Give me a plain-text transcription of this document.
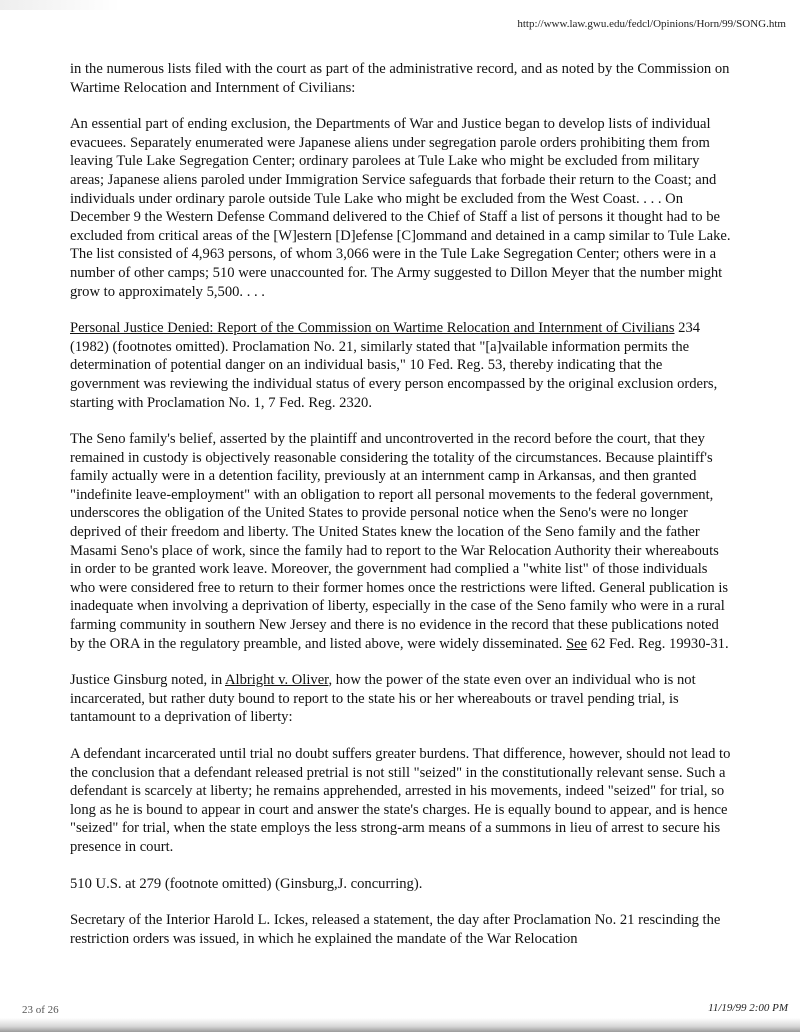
http://www.law.gwu.edu/fedcl/Opinions/Horn/99/SONG.htm

in the numerous lists filed with the court as part of the administrative record, and as noted by the Commission on Wartime Relocation and Internment of Civilians:

An essential part of ending exclusion, the Departments of War and Justice began to develop lists of individual evacuees. Separately enumerated were Japanese aliens under segregation parole orders prohibiting them from leaving Tule Lake Segregation Center; ordinary parolees at Tule Lake who might be excluded from military areas; Japanese aliens paroled under Immigration Service safeguards that forbade their return to the Coast; and individuals under ordinary parole outside Tule Lake who might be excluded from the West Coast. . . . On December 9 the Western Defense Command delivered to the Chief of Staff a list of persons it thought had to be excluded from critical areas of the [W]estern [D]efense [C]ommand and detained in a camp similar to Tule Lake. The list consisted of 4,963 persons, of whom 3,066 were in the Tule Lake Segregation Center; others were in a number of other camps; 510 were unaccounted for. The Army suggested to Dillon Meyer that the number might grow to approximately 5,500. . . .

Personal Justice Denied: Report of the Commission on Wartime Relocation and Internment of Civilians 234 (1982) (footnotes omitted). Proclamation No. 21, similarly stated that "[a]vailable information permits the determination of potential danger on an individual basis," 10 Fed. Reg. 53, thereby indicating that the government was reviewing the individual status of every person encompassed by the original exclusion orders, starting with Proclamation No. 1, 7 Fed. Reg. 2320.

The Seno family's belief, asserted by the plaintiff and uncontroverted in the record before the court, that they remained in custody is objectively reasonable considering the totality of the circumstances. Because plaintiff's family actually were in a detention facility, previously at an internment camp in Arkansas, and then granted "indefinite leave-employment" with an obligation to report all personal movements to the federal government, underscores the obligation of the United States to provide personal notice when the Seno's were no longer deprived of their freedom and liberty. The United States knew the location of the Seno family and the father Masami Seno's place of work, since the family had to report to the War Relocation Authority their whereabouts in order to be granted work leave. Moreover, the government had complied a "white list" of those individuals who were considered free to return to their former homes once the restrictions were lifted. General publication is inadequate when involving a deprivation of liberty, especially in the case of the Seno family who were in a rural farming community in southern New Jersey and there is no evidence in the record that these publications noted by the ORA in the regulatory preamble, and listed above, were widely disseminated. See 62 Fed. Reg. 19930-31.

Justice Ginsburg noted, in Albright v. Oliver, how the power of the state even over an individual who is not incarcerated, but rather duty bound to report to the state his or her whereabouts or travel pending trial, is tantamount to a deprivation of liberty:

A defendant incarcerated until trial no doubt suffers greater burdens. That difference, however, should not lead to the conclusion that a defendant released pretrial is not still "seized" in the constitutionally relevant sense. Such a defendant is scarcely at liberty; he remains apprehended, arrested in his movements, indeed "seized" for trial, so long as he is bound to appear in court and answer the state's charges. He is equally bound to appear, and is hence "seized" for trial, when the state employs the less strong-arm means of a summons in lieu of arrest to secure his presence in court.

510 U.S. at 279 (footnote omitted) (Ginsburg,J. concurring).

Secretary of the Interior Harold L. Ickes, released a statement, the day after Proclamation No. 21 rescinding the restriction orders was issued, in which he explained the mandate of the War Relocation

23 of 26	11/19/99 2:00 PM
